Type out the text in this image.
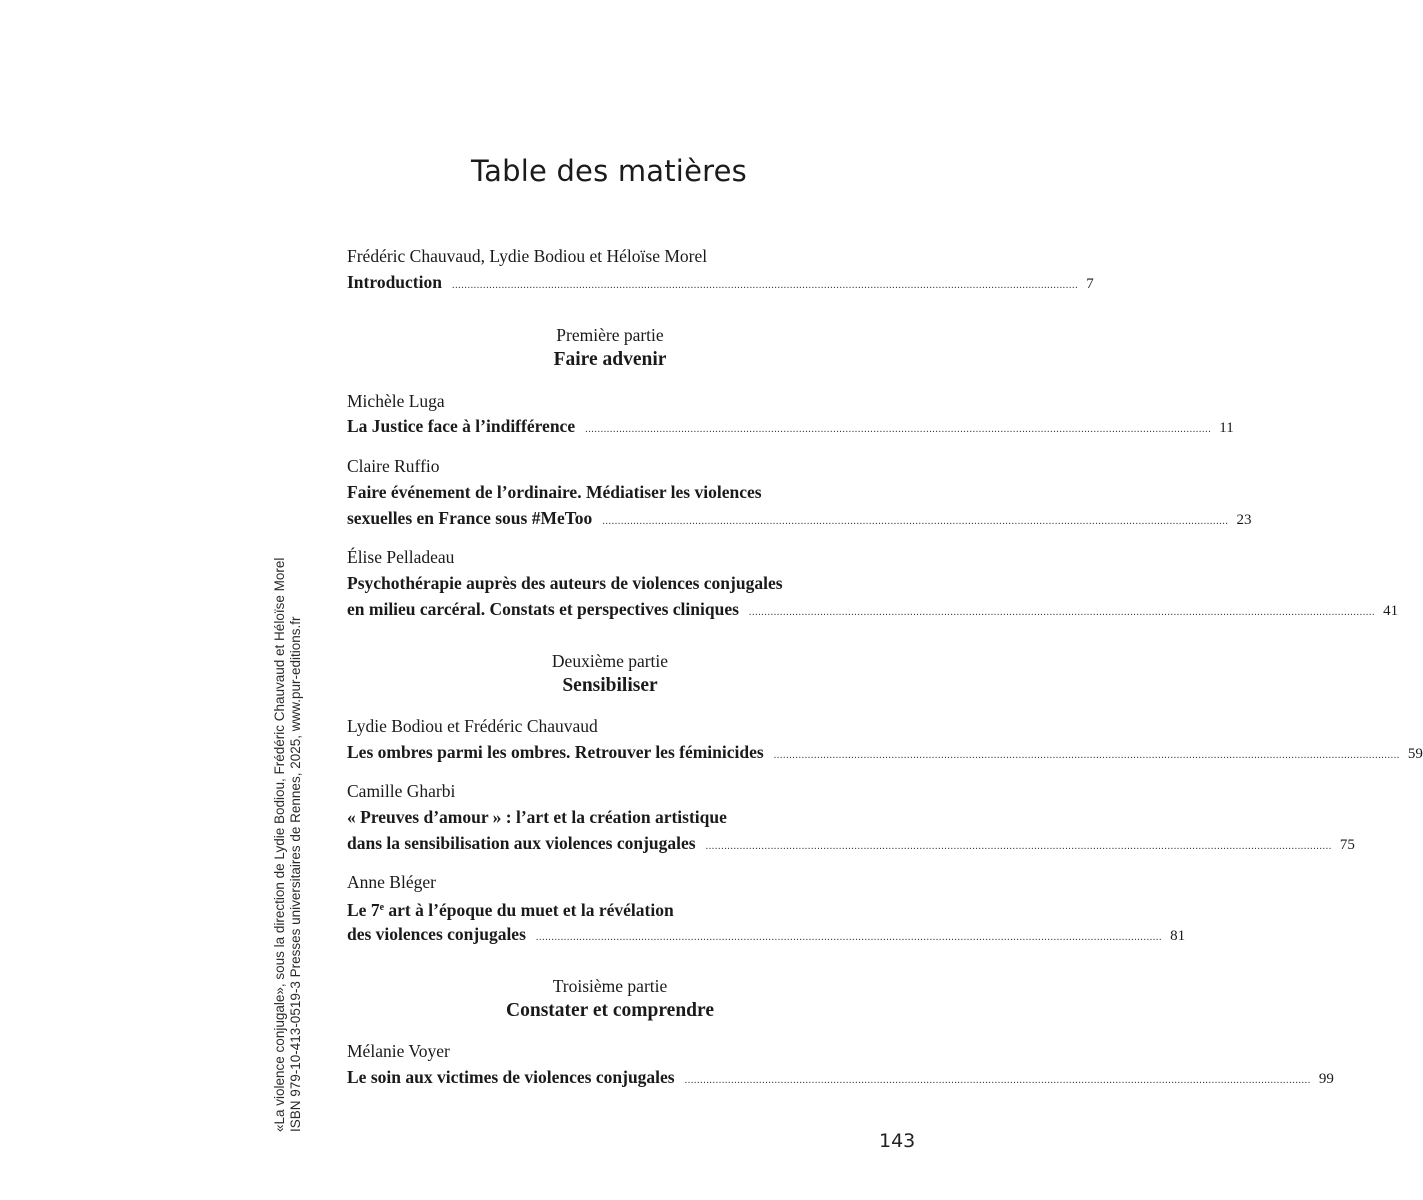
Table des matières
Frédéric Chauvaud, Lydie Bodiou et Héloïse Morel
Introduction .......................................................................................................................................................................................................... 7
Première partie
Faire advenir
Michèle Luga
La Justice face à l’indifférence .......................................................................................................................................................................................................... 11
Claire Ruffio
Faire événement de l’ordinaire. Médiatiser les violences
sexuelles en France sous #MeToo .......................................................................................................................................................................................................... 23
Élise Pelladeau
Psychothérapie auprès des auteurs de violences conjugales
en milieu carcéral. Constats et perspectives cliniques .......................................................................................................................................................................................................... 41
Deuxième partie
Sensibiliser
Lydie Bodiou et Frédéric Chauvaud
Les ombres parmi les ombres. Retrouver les féminicides .......................................................................................................................................................................................................... 59
Camille Gharbi
« Preuves d’amour » : l’art et la création artistique
dans la sensibilisation aux violences conjugales .......................................................................................................................................................................................................... 75
Anne Bléger
Le 7e art à l’époque du muet et la révélation
des violences conjugales .......................................................................................................................................................................................................... 81
Troisième partie
Constater et comprendre
Mélanie Voyer
Le soin aux victimes de violences conjugales .......................................................................................................................................................................................................... 99
«La violence conjugale», sous la direction de Lydie Bodiou, Frédéric Chauvaud et Héloïse Morel ISBN 979-10-413-0519-3 Presses universitaires de Rennes, 2025, www.pur-editions.fr
143
